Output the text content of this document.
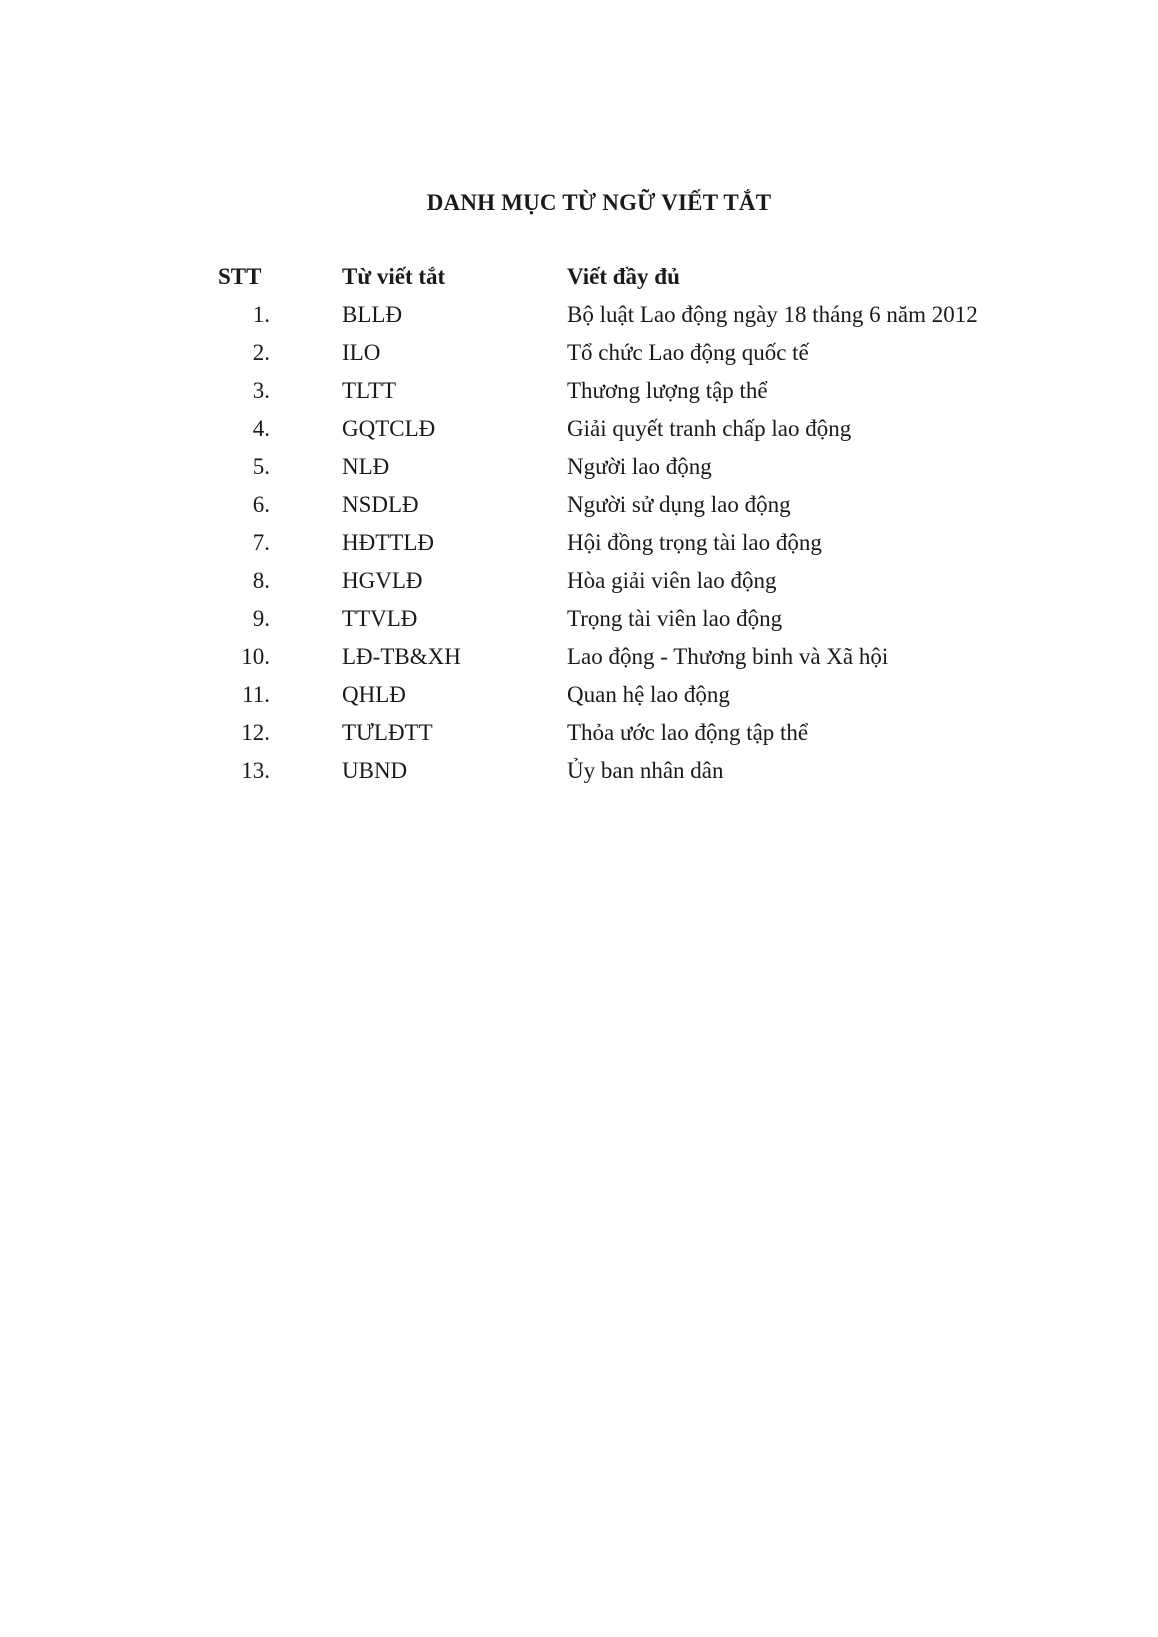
DANH MỤC TỪ NGỮ VIẾT TẮT
STT	Từ viết tắt	Viết đầy đủ
1.	BLLĐ	Bộ luật Lao động ngày 18 tháng 6 năm 2012
2.	ILO	Tổ chức Lao động quốc tế
3.	TLTT	Thương lượng tập thể
4.	GQTCLĐ	Giải quyết tranh chấp lao động
5.	NLĐ	Người lao động
6.	NSDLĐ	Người sử dụng lao động
7.	HĐTTLĐ	Hội đồng trọng tài lao động
8.	HGVLĐ	Hòa giải viên lao động
9.	TTVLĐ	Trọng tài viên lao động
10.	LĐ-TB&XH	Lao động - Thương binh và Xã hội
11.	QHLĐ	Quan hệ lao động
12.	TƯLĐTT	Thỏa ước lao động tập thể
13.	UBND	Ủy ban nhân dân
